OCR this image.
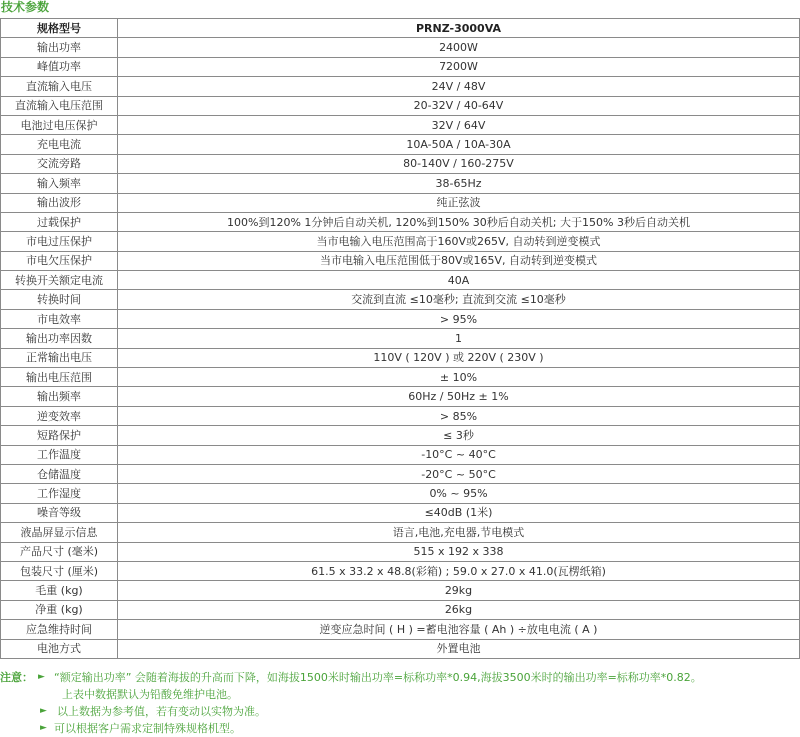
技术参数
规格型号	PRNZ-3000VA
输出功率	2400W
峰值功率	7200W
直流输入电压	24V / 48V
直流输入电压范围	20-32V / 40-64V
电池过电压保护	32V / 64V
充电电流	10A-50A / 10A-30A
交流旁路	80-140V / 160-275V
输入频率	38-65Hz
输出波形	纯正弦波
过载保护	100%到120% 1分钟后自动关机, 120%到150% 30秒后自动关机; 大于150% 3秒后自动关机
市电过压保护	当市电输入电压范围高于160V或265V, 自动转到逆变模式
市电欠压保护	当市电输入电压范围低于80V或165V, 自动转到逆变模式
转换开关额定电流	40A
转换时间	交流到直流 ≤10毫秒; 直流到交流 ≤10毫秒
市电效率	> 95%
输出功率因数	1
正常输出电压	110V ( 120V ) 或 220V ( 230V )
输出电压范围	± 10%
输出频率	60Hz / 50Hz ± 1%
逆变效率	> 85%
短路保护	≤ 3秒
工作温度	-10°C ~ 40°C
仓储温度	-20°C ~ 50°C
工作湿度	0% ~ 95%
噪音等级	≤40dB (1米)
液晶屏显示信息	语言,电池,充电器,节电模式
产品尺寸 (毫米)	515 x 192 x 338
包装尺寸 (厘米)	61.5 x 33.2 x 48.8(彩箱) ; 59.0 x 27.0 x 41.0(瓦楞纸箱)
毛重 (kg)	29kg
净重 (kg)	26kg
应急维持时间	逆变应急时间 ( H ) =蓄电池容量 ( Ah ) ÷放电电流 ( A )
电池方式	外置电池
注意： ► “额定输出功率” 会随着海拔的升高而下降，如海拔1500米时输出功率=标称功率*0.94,海拔3500米时的输出功率=标称功率*0.82。
上表中数据默认为铅酸免维护电池。
► 以上数据为参考值，若有变动以实物为准。
► 可以根据客户需求定制特殊规格机型。
